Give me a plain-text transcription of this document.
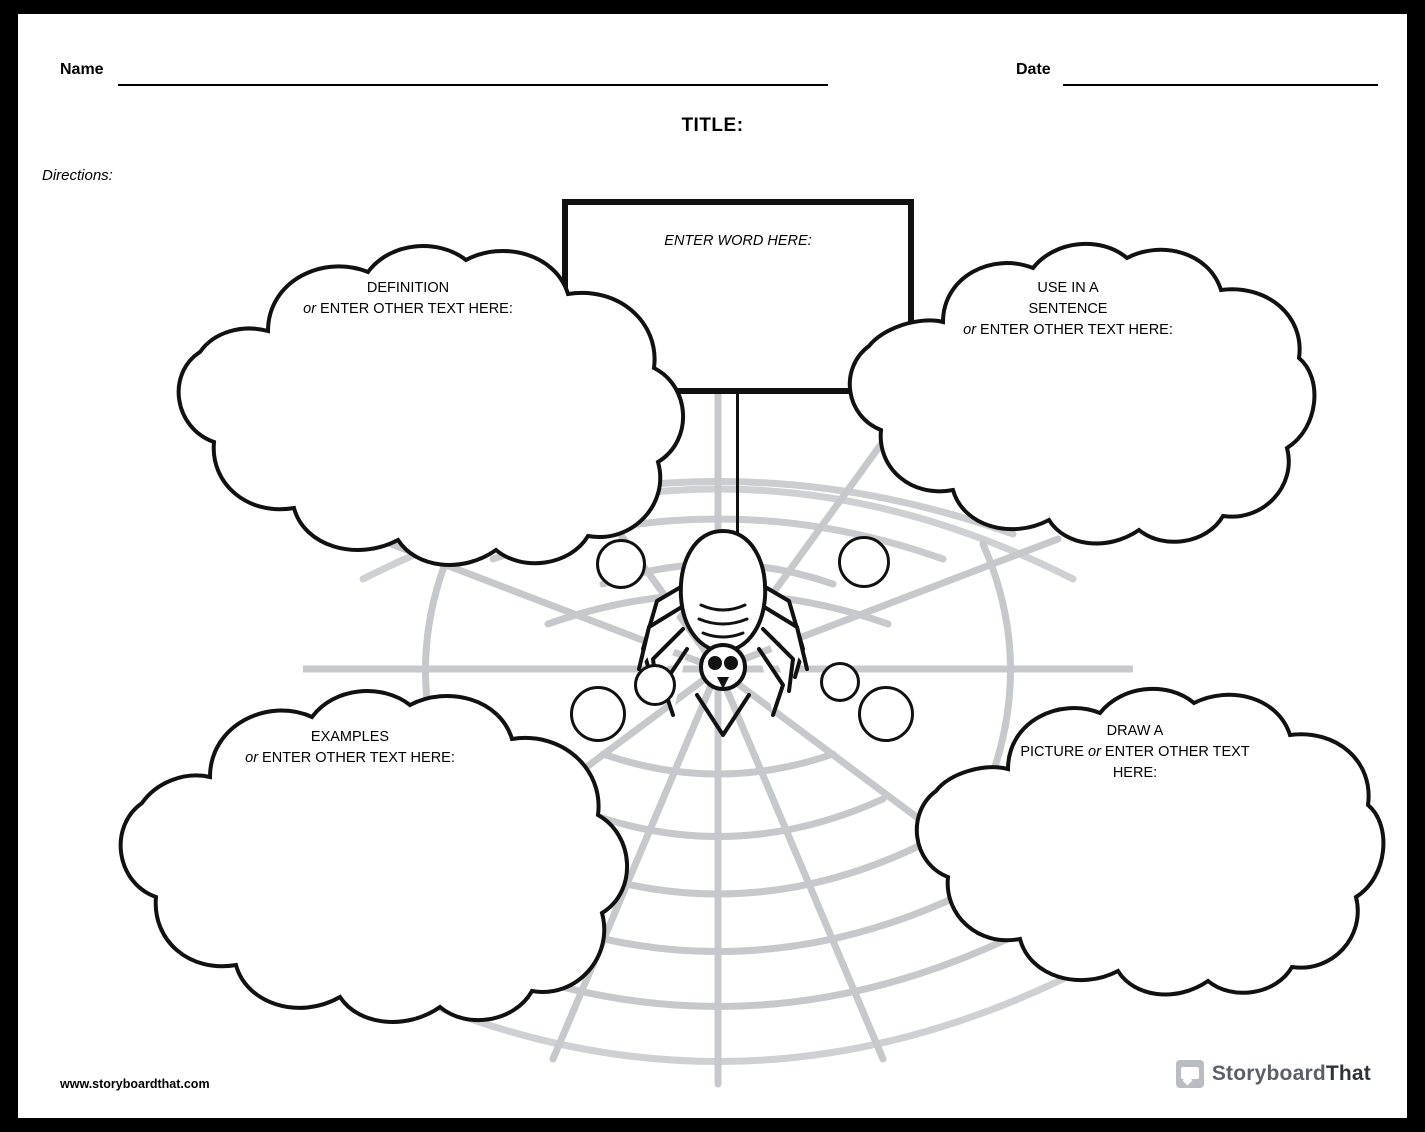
Name	Date
TITLE:
Directions:
ENTER WORD HERE:
DEFINITION
or ENTER OTHER TEXT HERE:
USE IN A
SENTENCE
or ENTER OTHER TEXT HERE:
EXAMPLES
or ENTER OTHER TEXT HERE:
DRAW A
PICTURE or ENTER OTHER TEXT
HERE:
www.storyboardthat.com	StoryboardThat
